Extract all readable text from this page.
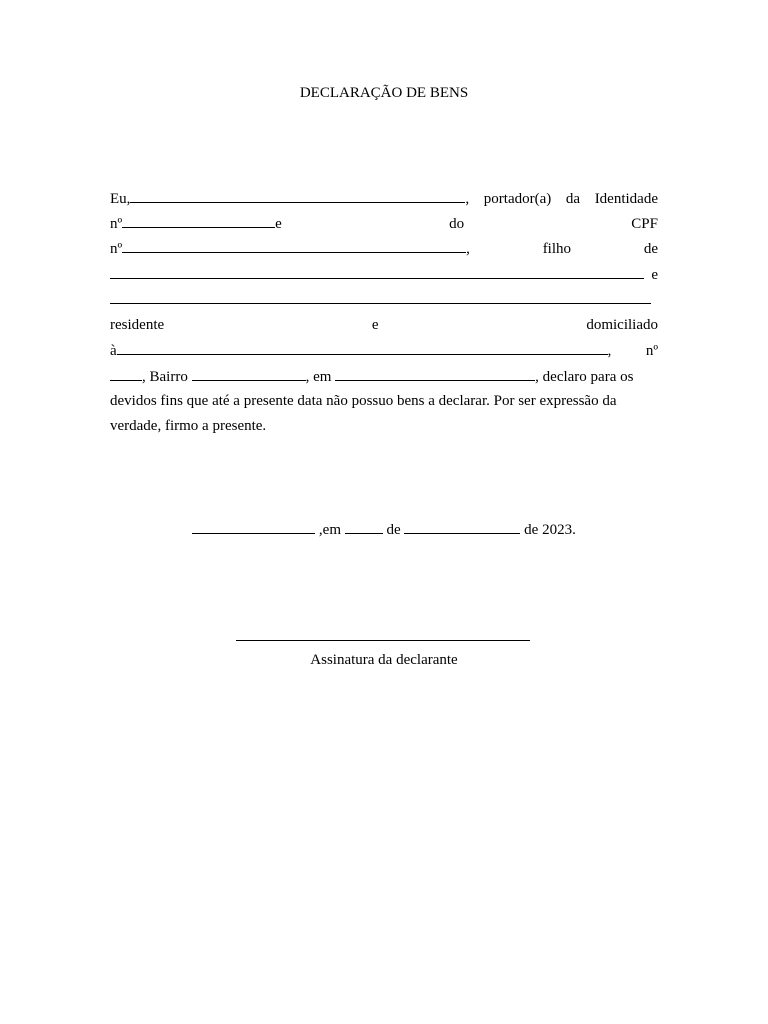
DECLARAÇÃO DE BENS
Eu,	, portador(a) da Identidade
nº	e	do	CPF
nº	,	filho	de
e
residente	e	domiciliado
à	, nº
, Bairro	, em	, declaro para os
devidos fins que até a presente data não possuo bens a declarar. Por ser expressão da
verdade, firmo a presente.
,em	de	de 2023.
Assinatura da declarante
